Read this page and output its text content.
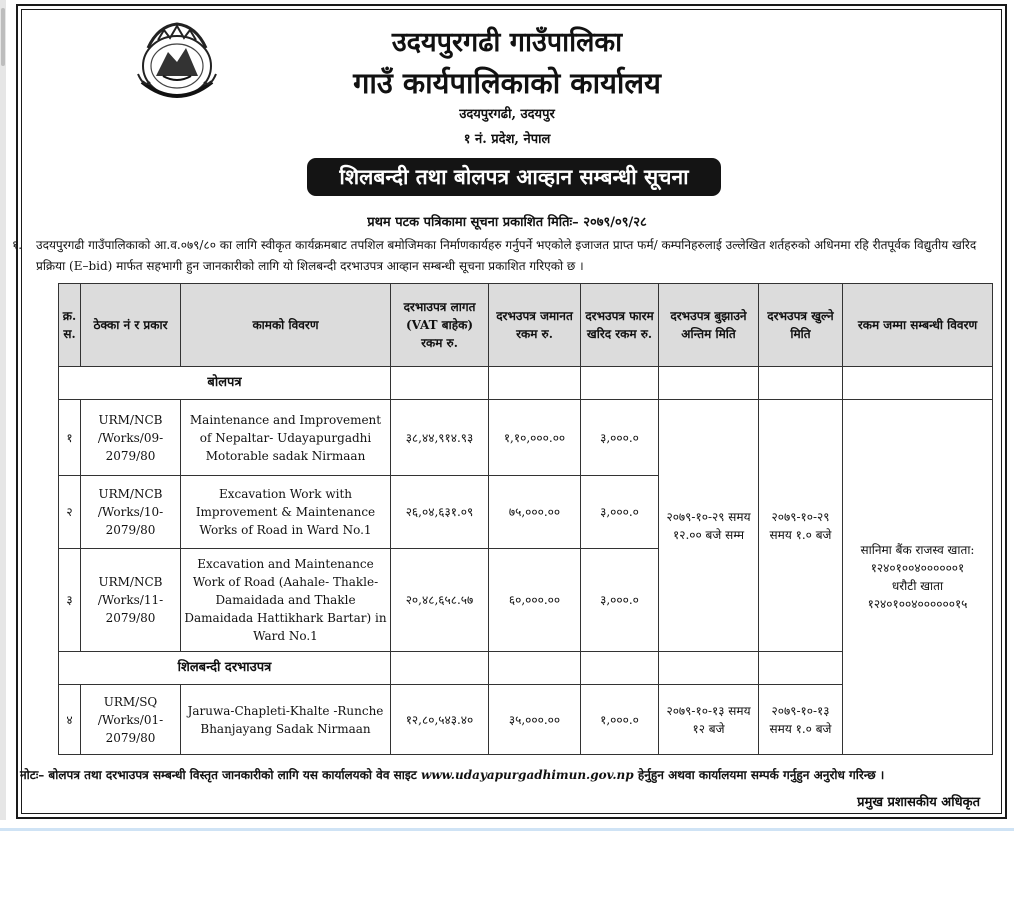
उदयपुरगढी गाउँपालिका
गाउँ कार्यपालिकाको कार्यालय
उदयपुरगढी, उदयपुर
१ नं. प्रदेश, नेपाल
शिलबन्दी तथा बोलपत्र आव्हान सम्बन्धी सूचना
प्रथम पटक पत्रिकामा सूचना प्रकाशित मितिः– २०७९/०९/२८
१. उदयपुरगढी गाउँपालिकाको आ.व.०७९/८० का लागि स्वीकृत कार्यक्रमबाट तपशिल बमोजिमका निर्माणकार्यहरु गर्नुपर्ने भएकोले इजाजत प्राप्त फर्म/ कम्पनिहरुलाई उल्लेखित शर्तहरुको अधिनमा रहि रीतपूर्वक विद्युतीय खरिद प्रक्रिया (E–bid) मार्फत सहभागी हुन जानकारीको लागि यो शिलबन्दी दरभाउपत्र आव्हान सम्बन्धी सूचना प्रकाशित गरिएको छ ।
क्र. स.	ठेक्का नं र प्रकार	कामको विवरण	दरभाउपत्र लागत (VAT बाहेक) रकम रु.	दरभउपत्र जमानत रकम रु.	दरभउपत्र फारम खरिद रकम रु.	दरभउपत्र बुझाउने अन्तिम मिति	दरभउपत्र खुल्ने मिति	रकम जम्मा सम्बन्धी विवरण
बोलपत्र								
१	URM/NCB /Works/09-2079/80	Maintenance and Improvement of Nepaltar- Udayapurgadhi Motorable sadak Nirmaan	३८,४४,९१४.९३	१,१०,०००.००	३,०००.०	२०७९-१०-२९ समय १२.०० बजे सम्म	२०७९-१०-२९ समय १.० बजे	सानिमा बैंक राजस्व खाता:
१२४०१००४००००००१
धरौटी खाता
१२४०१००४००००००१५

२	URM/NCB /Works/10-2079/80	Excavation Work with Improvement & Maintenance Works of Road in Ward No.1	२६,०४,६३१.०९	७५,०००.००	३,०००.०			
३	URM/NCB /Works/11-2079/80	Excavation and Maintenance Work of Road (Aahale- Thakle-Damaidada and Thakle Damaidada Hattikhark Bartar) in Ward No.1	२०,४८,६५८.५७	६०,०००.००	३,०००.०			
शिलबन्दी दरभाउपत्र								
४	URM/SQ /Works/01-2079/80	Jaruwa-Chapleti-Khalte -Runche Bhanjayang Sadak Nirmaan	१२,८०,५४३.४०	३५,०००.००	१,०००.०	२०७९-१०-१३ समय १२ बजे	२०७९-१०-१३ समय १.० बजे	
नोटः– बोलपत्र तथा दरभाउपत्र सम्बन्धी विस्तृत जानकारीको लागि यस कार्यालयको वेव साइट www.udayapurgadhimun.gov.np हेर्नुहुन अथवा कार्यालयमा सम्पर्क गर्नुहुन अनुरोध गरिन्छ ।
प्रमुख प्रशासकीय अधिकृत
